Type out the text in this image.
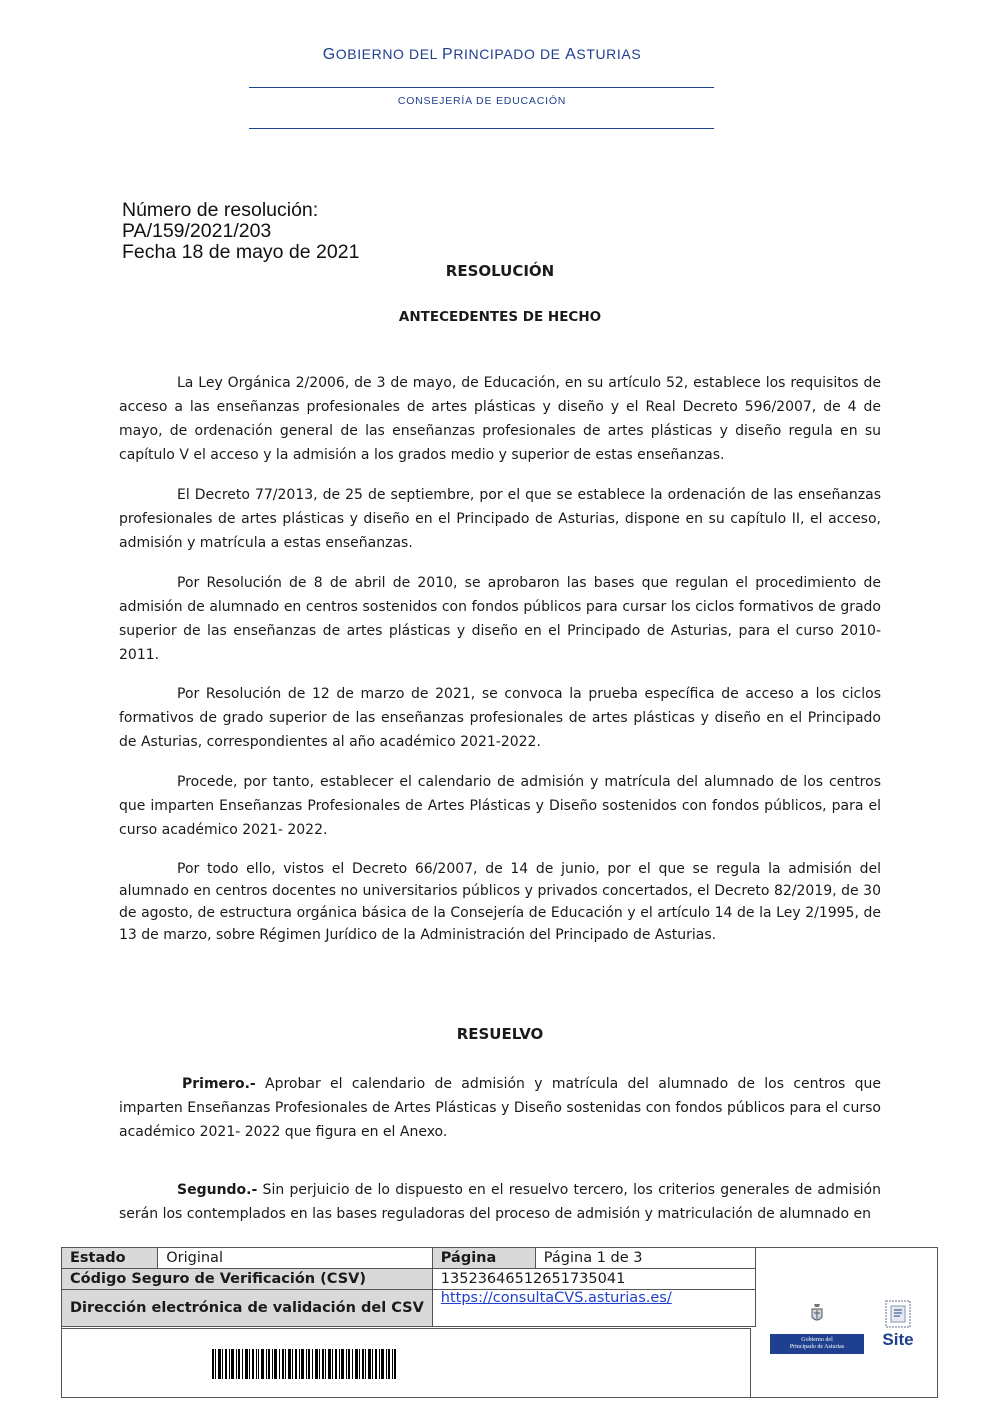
GOBIERNO DEL PRINCIPADO DE ASTURIAS
CONSEJERÍA DE EDUCACIÓN
Número de resolución:
PA/159/2021/203
Fecha 18 de mayo de 2021
RESOLUCIÓN
ANTECEDENTES DE HECHO
La Ley Orgánica 2/2006, de 3 de mayo, de Educación, en su artículo 52, establece los requisitos de acceso a las enseñanzas profesionales de artes plásticas y diseño y el Real Decreto 596/2007, de 4 de mayo, de ordenación general de las enseñanzas profesionales de artes plásticas y diseño regula en su capítulo V el acceso y la admisión a los grados medio y superior de estas enseñanzas.
El Decreto 77/2013, de 25 de septiembre, por el que se establece la ordenación de las enseñanzas profesionales de artes plásticas y diseño en el Principado de Asturias, dispone en su capítulo II, el acceso, admisión y matrícula a estas enseñanzas.
Por Resolución de 8 de abril de 2010, se aprobaron las bases que regulan el procedimiento de admisión de alumnado en centros sostenidos con fondos públicos para cursar los ciclos formativos de grado superior de las enseñanzas de artes plásticas y diseño en el Principado de Asturias, para el curso 2010-2011.
Por Resolución de 12 de marzo de 2021, se convoca la prueba específica de acceso a los ciclos formativos de grado superior de las enseñanzas profesionales de artes plásticas y diseño en el Principado de Asturias, correspondientes al año académico 2021-2022.
Procede, por tanto, establecer el calendario de admisión y matrícula del alumnado de los centros que imparten Enseñanzas Profesionales de Artes Plásticas y Diseño sostenidos con fondos públicos, para el curso académico 2021- 2022.
Por todo ello, vistos el Decreto 66/2007, de 14 de junio, por el que se regula la admisión del alumnado en centros docentes no universitarios públicos y privados concertados, el Decreto 82/2019, de 30 de agosto, de estructura orgánica básica de la Consejería de Educación y el artículo 14 de la Ley 2/1995, de 13 de marzo, sobre Régimen Jurídico de la Administración del Principado de Asturias.
RESUELVO
Primero.- Aprobar el calendario de admisión y matrícula del alumnado de los centros que imparten Enseñanzas Profesionales de Artes Plásticas y Diseño sostenidas con fondos públicos para el curso académico 2021- 2022 que figura en el Anexo.
Segundo.- Sin perjuicio de lo dispuesto en el resuelvo tercero, los criterios generales de admisión serán los contemplados en las bases reguladoras del proceso de admisión y matriculación de alumnado en
Estado	Original	Página	Página 1 de 3
Código Seguro de Verificación (CSV)		13523646512651735041	
Dirección electrónica de validación del CSV		https://consultaCVS.asturias.es/	
Gobierno del
Principado de Asturias	Site
